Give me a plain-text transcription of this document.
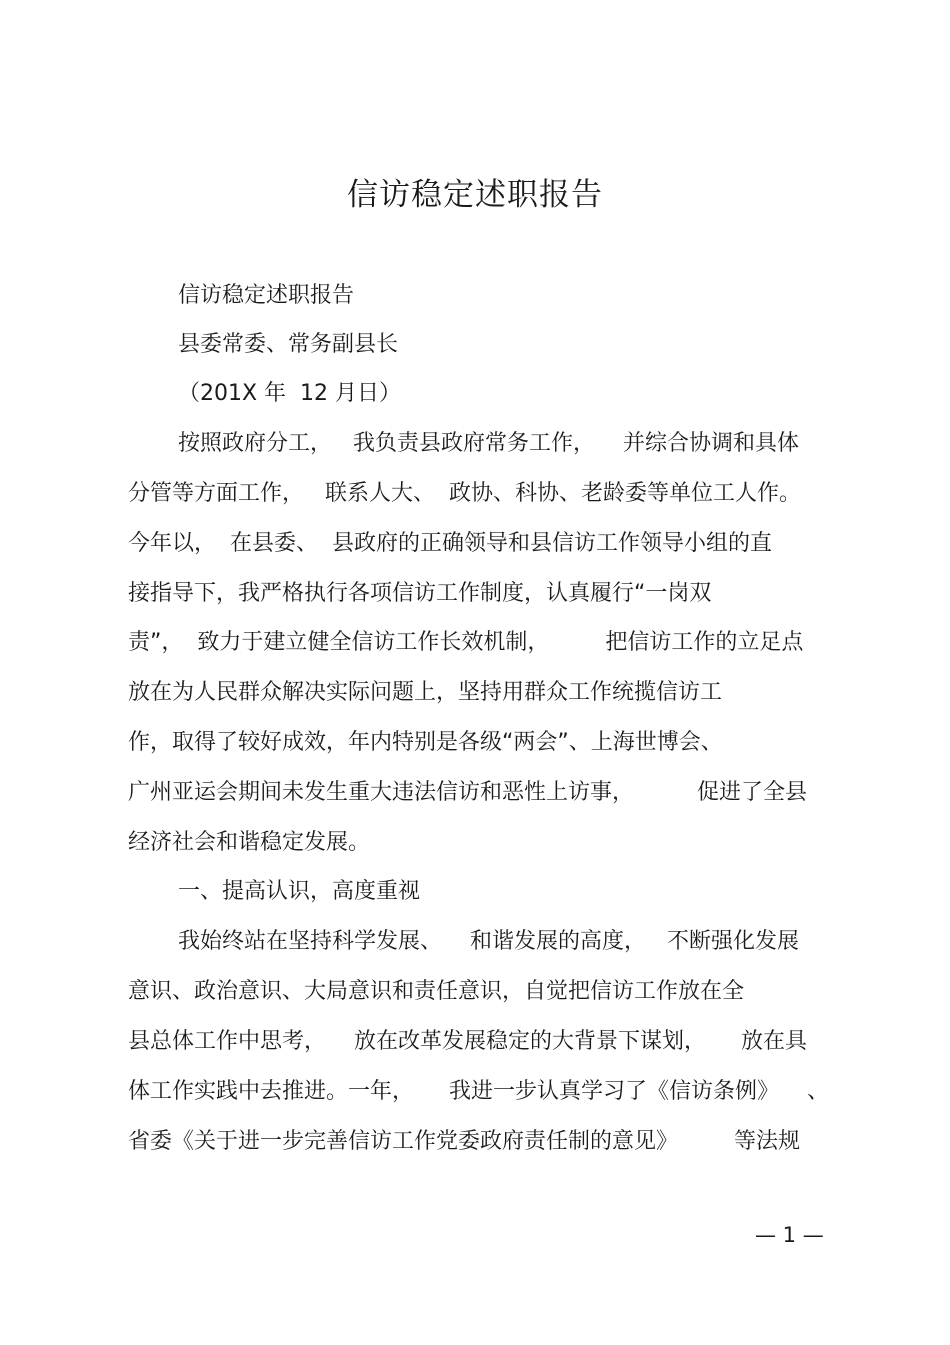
信访稳定述职报告
信访稳定述职报告
县委常委、常务副县长
（201X 年  12 月日）
按照政府分工，   我负责县政府常务工作，    并综合协调和具体
分管等方面工作，   联系人大、  政协、科协、老龄委等单位工人作。
今年以，  在县委、  县政府的正确领导和县信访工作领导小组的直
接指导下，我严格执行各项信访工作制度，认真履行“一岗双
责”，  致力于建立健全信访工作长效机制，        把信访工作的立足点
放在为人民群众解决实际问题上，坚持用群众工作统揽信访工
作，取得了较好成效，年内特别是各级“两会”、上海世博会、
广州亚运会期间未发生重大违法信访和恶性上访事，         促进了全县
经济社会和谐稳定发展。
一、提高认识，高度重视
我始终站在坚持科学发展、    和谐发展的高度，   不断强化发展
意识、政治意识、大局意识和责任意识，自觉把信访工作放在全
县总体工作中思考，    放在改革发展稳定的大背景下谋划，     放在具
体工作实践中去推进。一年，     我进一步认真学习了《信访条例》    、
省委《关于进一步完善信访工作党委政府责任制的意见》        等法规
— 1 —
